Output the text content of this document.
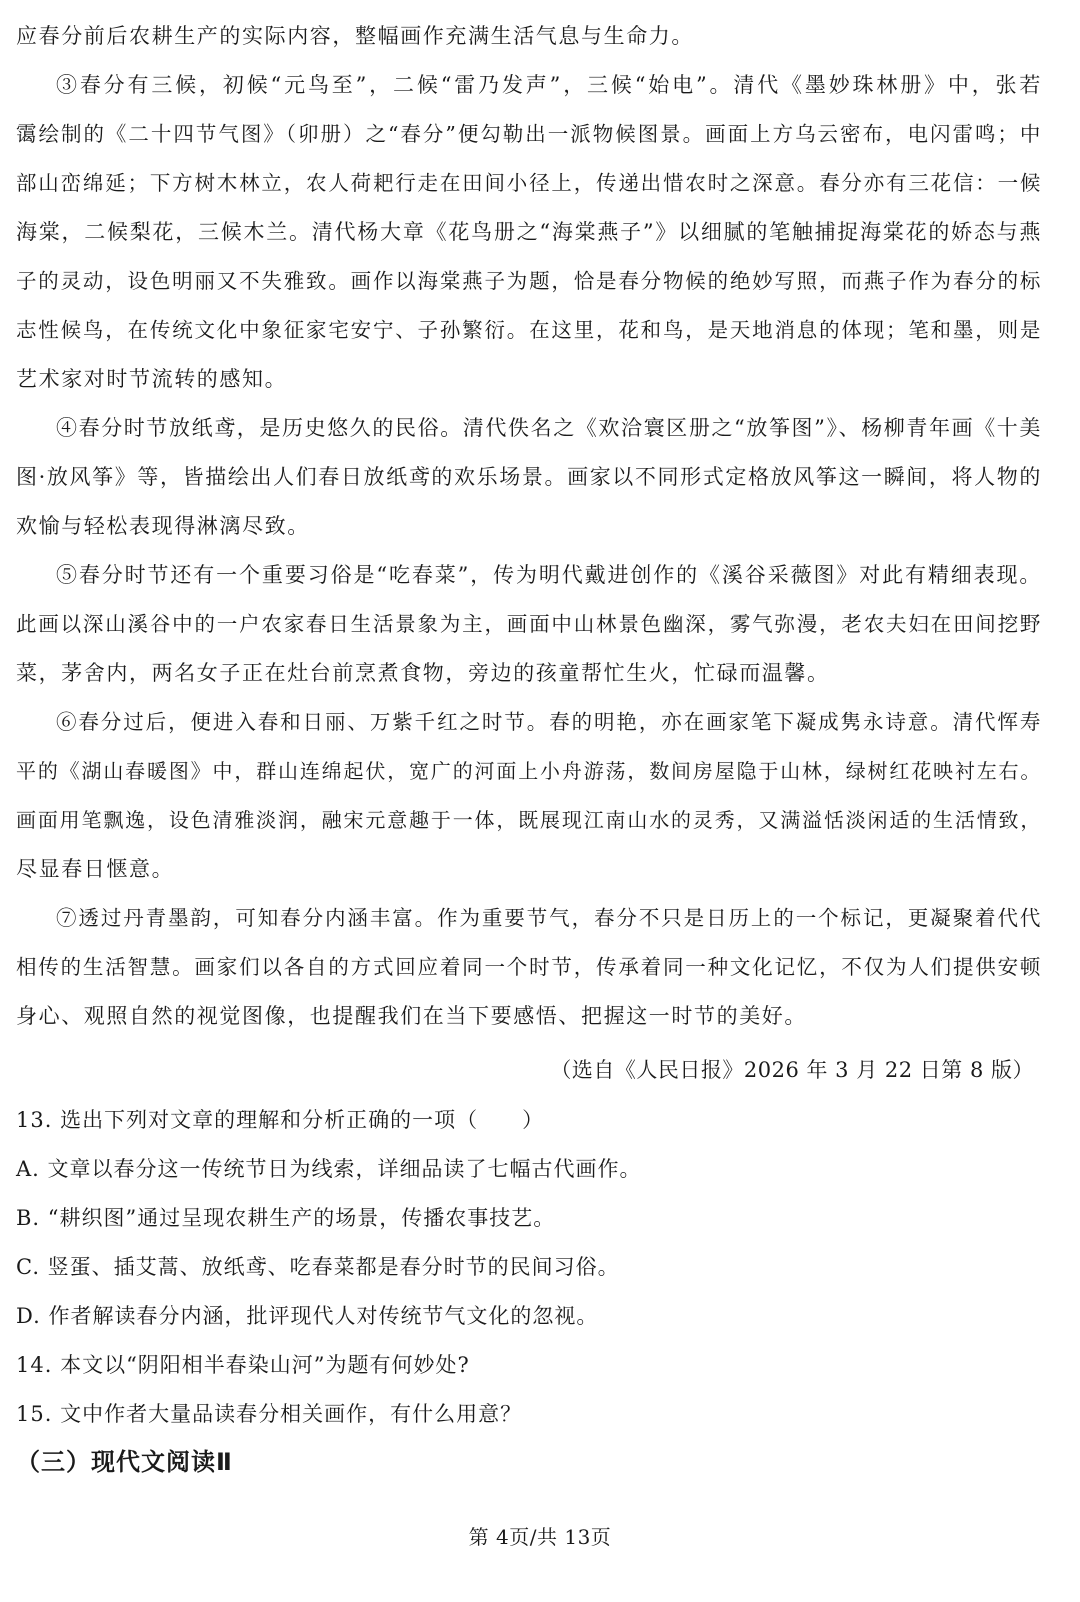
应春分前后农耕生产的实际内容，整幅画作充满生活气息与生命力。
③春分有三候，初候“元鸟至”，二候“雷乃发声”，三候“始电”。清代《墨妙珠林册》中，张若
霭绘制的《二十四节气图》（卯册）之“春分”便勾勒出一派物候图景。画面上方乌云密布，电闪雷鸣；中
部山峦绵延；下方树木林立，农人荷耙行走在田间小径上，传递出惜农时之深意。春分亦有三花信：一候
海棠，二候梨花，三候木兰。清代杨大章《花鸟册之“海棠燕子”》以细腻的笔触捕捉海棠花的娇态与燕
子的灵动，设色明丽又不失雅致。画作以海棠燕子为题，恰是春分物候的绝妙写照，而燕子作为春分的标
志性候鸟，在传统文化中象征家宅安宁、子孙繁衍。在这里，花和鸟，是天地消息的体现；笔和墨，则是
艺术家对时节流转的感知。
④春分时节放纸鸢，是历史悠久的民俗。清代佚名之《欢洽寰区册之“放筝图”》、杨柳青年画《十美
图·放风筝》等，皆描绘出人们春日放纸鸢的欢乐场景。画家以不同形式定格放风筝这一瞬间，将人物的
欢愉与轻松表现得淋漓尽致。
⑤春分时节还有一个重要习俗是“吃春菜”，传为明代戴进创作的《溪谷采薇图》对此有精细表现。
此画以深山溪谷中的一户农家春日生活景象为主，画面中山林景色幽深，雾气弥漫，老农夫妇在田间挖野
菜，茅舍内，两名女子正在灶台前烹煮食物，旁边的孩童帮忙生火，忙碌而温馨。
⑥春分过后，便进入春和日丽、万紫千红之时节。春的明艳，亦在画家笔下凝成隽永诗意。清代恽寿
平的《湖山春暖图》中，群山连绵起伏，宽广的河面上小舟游荡，数间房屋隐于山林，绿树红花映衬左右。
画面用笔飘逸，设色清雅淡润，融宋元意趣于一体，既展现江南山水的灵秀，又满溢恬淡闲适的生活情致，
尽显春日惬意。
⑦透过丹青墨韵，可知春分内涵丰富。作为重要节气，春分不只是日历上的一个标记，更凝聚着代代
相传的生活智慧。画家们以各自的方式回应着同一个时节，传承着同一种文化记忆，不仅为人们提供安顿
身心、观照自然的视觉图像，也提醒我们在当下要感悟、把握这一时节的美好。
（选自《人民日报》2026 年 3 月 22 日第 8 版）
13. 选出下列对文章的理解和分析正确的一项（　　）
A. 文章以春分这一传统节日为线索，详细品读了七幅古代画作。
B. “耕织图”通过呈现农耕生产的场景，传播农事技艺。
C. 竖蛋、插艾蒿、放纸鸢、吃春菜都是春分时节的民间习俗。
D. 作者解读春分内涵，批评现代人对传统节气文化的忽视。
14. 本文以“阴阳相半春染山河”为题有何妙处?
15. 文中作者大量品读春分相关画作，有什么用意？
（三）现代文阅读Ⅱ
第 4页/共 13页
